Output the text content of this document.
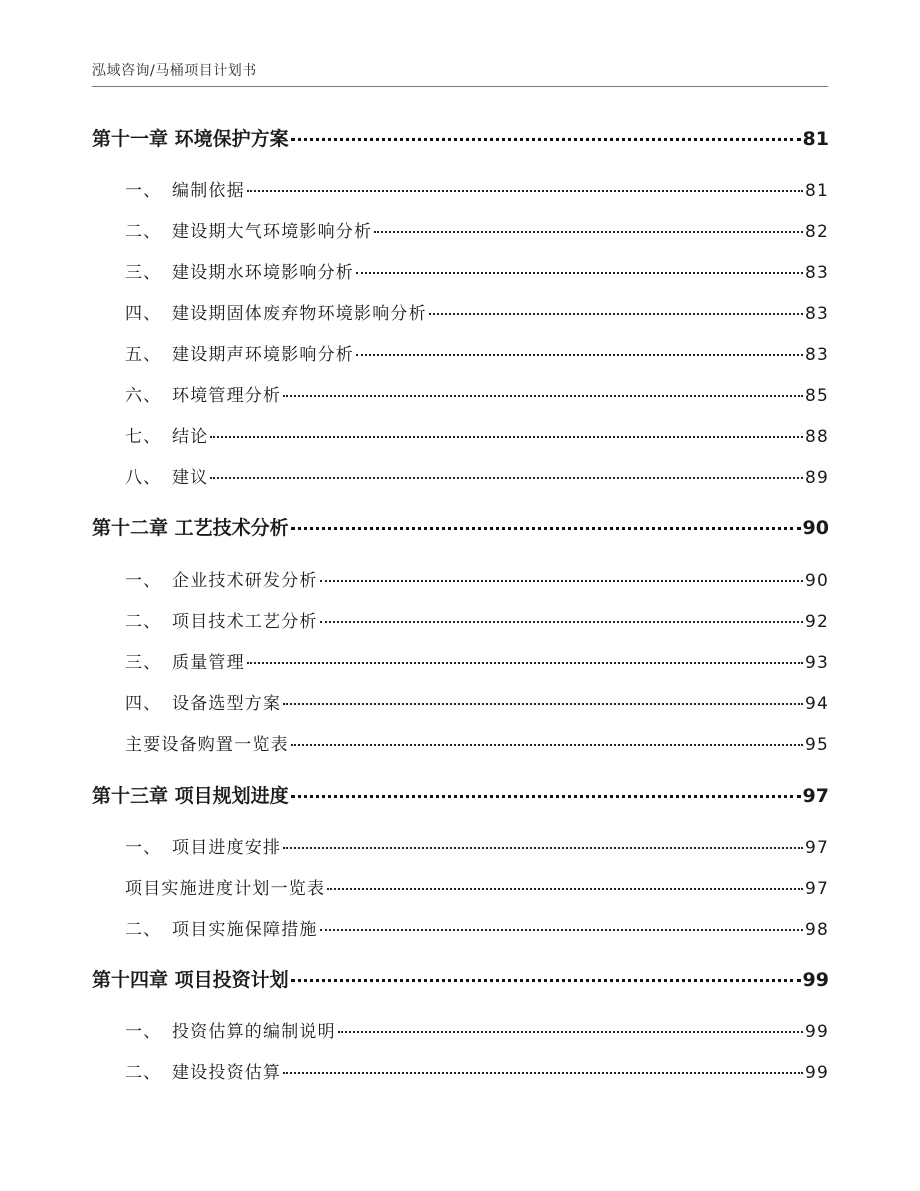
泓域咨询/马桶项目计划书
第十一章 环境保护方案	81
一、 编制依据	81
二、 建设期大气环境影响分析	82
三、 建设期水环境影响分析	83
四、 建设期固体废弃物环境影响分析	83
五、 建设期声环境影响分析	83
六、 环境管理分析	85
七、 结论	88
八、 建议	89
第十二章 工艺技术分析	90
一、 企业技术研发分析	90
二、 项目技术工艺分析	92
三、 质量管理	93
四、 设备选型方案	94
主要设备购置一览表	95
第十三章 项目规划进度	97
一、 项目进度安排	97
项目实施进度计划一览表	97
二、 项目实施保障措施	98
第十四章 项目投资计划	99
一、 投资估算的编制说明	99
二、 建设投资估算	99
